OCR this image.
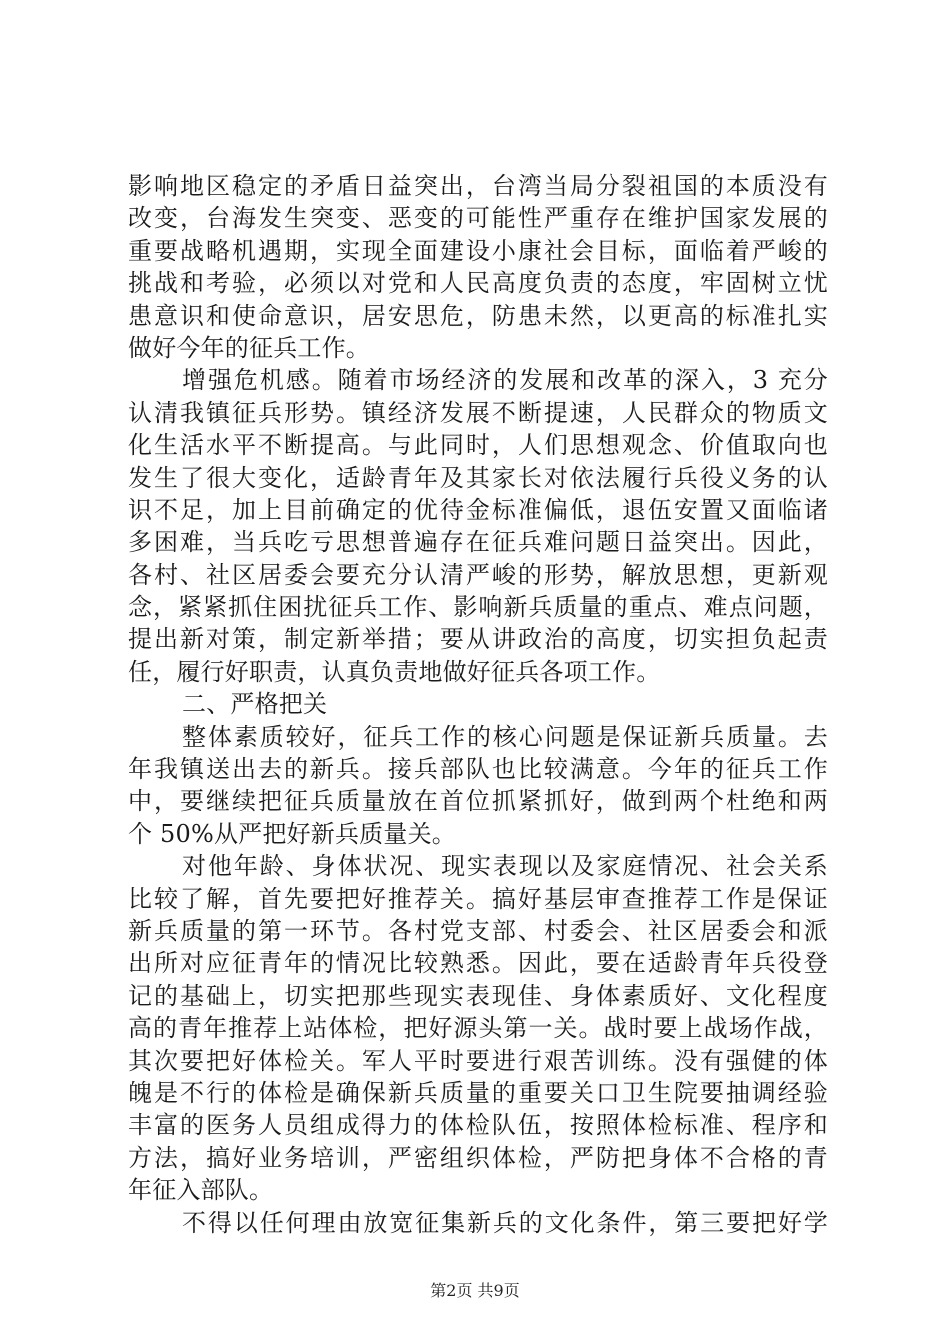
影响地区稳定的矛盾日益突出，台湾当局分裂祖国的本质没有
改变，台海发生突变、恶变的可能性严重存在维护国家发展的
重要战略机遇期，实现全面建设小康社会目标，面临着严峻的
挑战和考验，必须以对党和人民高度负责的态度，牢固树立忧
患意识和使命意识，居安思危，防患未然，以更高的标准扎实
做好今年的征兵工作。
增强危机感。随着市场经济的发展和改革的深入，3 充分
认清我镇征兵形势。镇经济发展不断提速，人民群众的物质文
化生活水平不断提高。与此同时，人们思想观念、价值取向也
发生了很大变化，适龄青年及其家长对依法履行兵役义务的认
识不足，加上目前确定的优待金标准偏低，退伍安置又面临诸
多困难，当兵吃亏思想普遍存在征兵难问题日益突出。因此，
各村、社区居委会要充分认清严峻的形势，解放思想，更新观
念，紧紧抓住困扰征兵工作、影响新兵质量的重点、难点问题，
提出新对策，制定新举措；要从讲政治的高度，切实担负起责
任，履行好职责，认真负责地做好征兵各项工作。
二、严格把关
整体素质较好，征兵工作的核心问题是保证新兵质量。去
年我镇送出去的新兵。接兵部队也比较满意。今年的征兵工作
中，要继续把征兵质量放在首位抓紧抓好，做到两个杜绝和两
个 50%从严把好新兵质量关。
对他年龄、身体状况、现实表现以及家庭情况、社会关系
比较了解，首先要把好推荐关。搞好基层审查推荐工作是保证
新兵质量的第一环节。各村党支部、村委会、社区居委会和派
出所对应征青年的情况比较熟悉。因此，要在适龄青年兵役登
记的基础上，切实把那些现实表现佳、身体素质好、文化程度
高的青年推荐上站体检，把好源头第一关。战时要上战场作战，
其次要把好体检关。军人平时要进行艰苦训练。没有强健的体
魄是不行的体检是确保新兵质量的重要关口卫生院要抽调经验
丰富的医务人员组成得力的体检队伍，按照体检标准、程序和
方法，搞好业务培训，严密组织体检，严防把身体不合格的青
年征入部队。
不得以任何理由放宽征集新兵的文化条件，第三要把好学
第2页 共9页
